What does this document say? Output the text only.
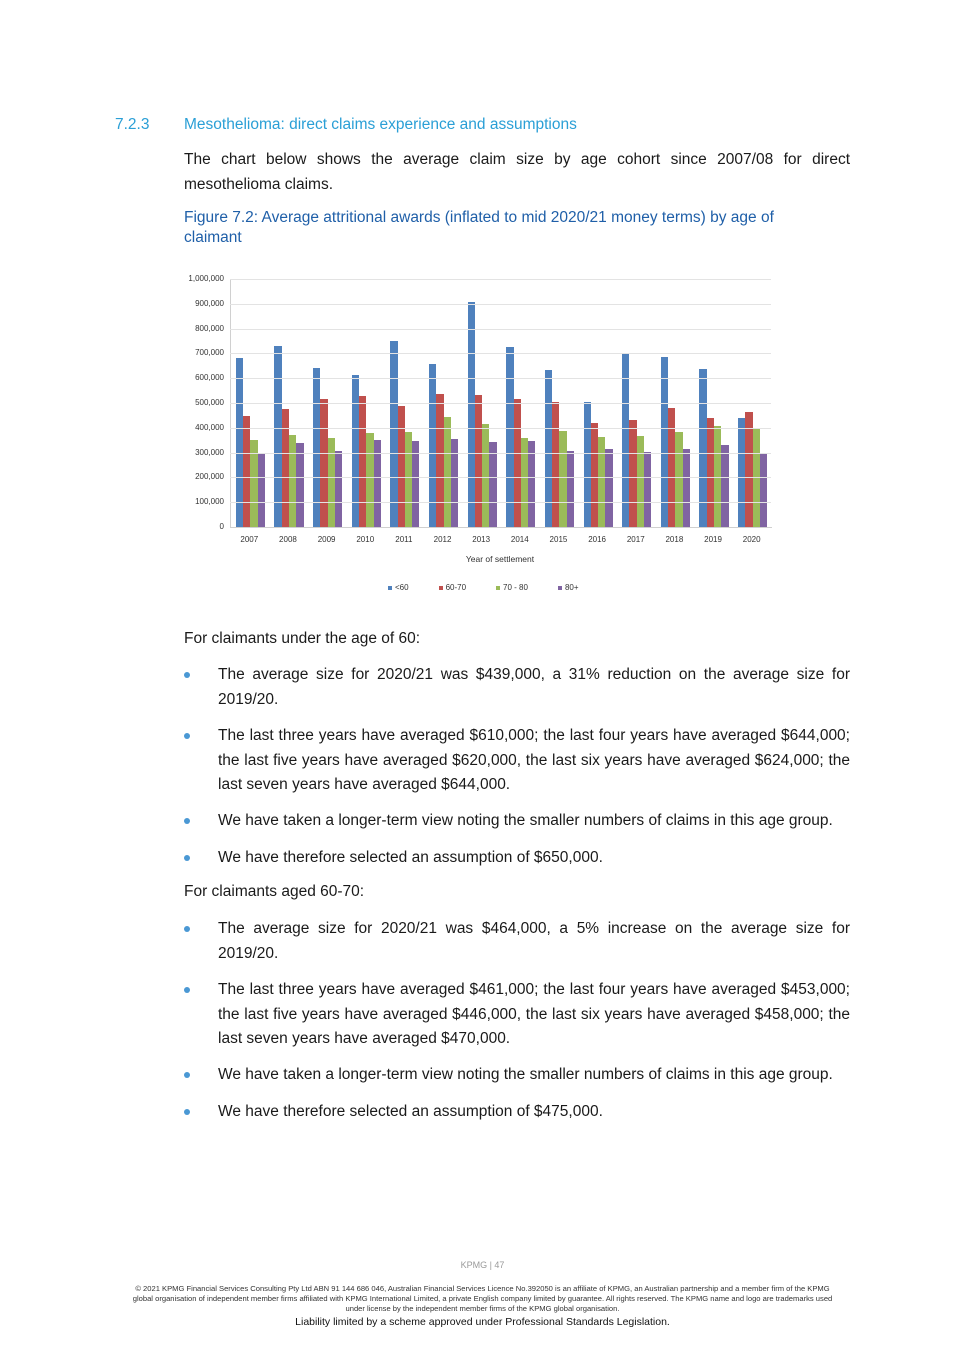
7.2.3 Mesothelioma: direct claims experience and assumptions
The chart below shows the average claim size by age cohort since 2007/08 for direct mesothelioma claims.
Figure 7.2: Average attritional awards (inflated to mid 2020/21 money terms) by age of claimant
Year of settlement
<60	60-70	70 - 80	80+
0
100,000
200,000
300,000
400,000
500,000
600,000
700,000
800,000
900,000
1,000,000
2007	2008	2009	2010	2011	2012	2013	2014	2015	2016	2017	2018	2019	2020
For claimants under the age of 60:
The average size for 2020/21 was $439,000, a 31% reduction on the average size for 2019/20.
The last three years have averaged $610,000; the last four years have averaged $644,000; the last five years have averaged $620,000, the last six years have averaged $624,000; the last seven years have averaged $644,000.
We have taken a longer-term view noting the smaller numbers of claims in this age group.
We have therefore selected an assumption of $650,000.
For claimants aged 60-70:
The average size for 2020/21 was $464,000, a 5% increase on the average size for 2019/20.
The last three years have averaged $461,000; the last four years have averaged $453,000; the last five years have averaged $446,000, the last six years have averaged $458,000; the last seven years have averaged $470,000.
We have taken a longer-term view noting the smaller numbers of claims in this age group.
We have therefore selected an assumption of $475,000.
KPMG | 47
© 2021 KPMG Financial Services Consulting Pty Ltd ABN 91 144 686 046, Australian Financial Services Licence No.392050 is an affiliate of KPMG, an Australian partnership and a member firm of the KPMG global organisation of independent member firms affiliated with KPMG International Limited, a private English company limited by guarantee. All rights reserved. The KPMG name and logo are trademarks used under license by the independent member firms of the KPMG global organisation.
Liability limited by a scheme approved under Professional Standards Legislation.
